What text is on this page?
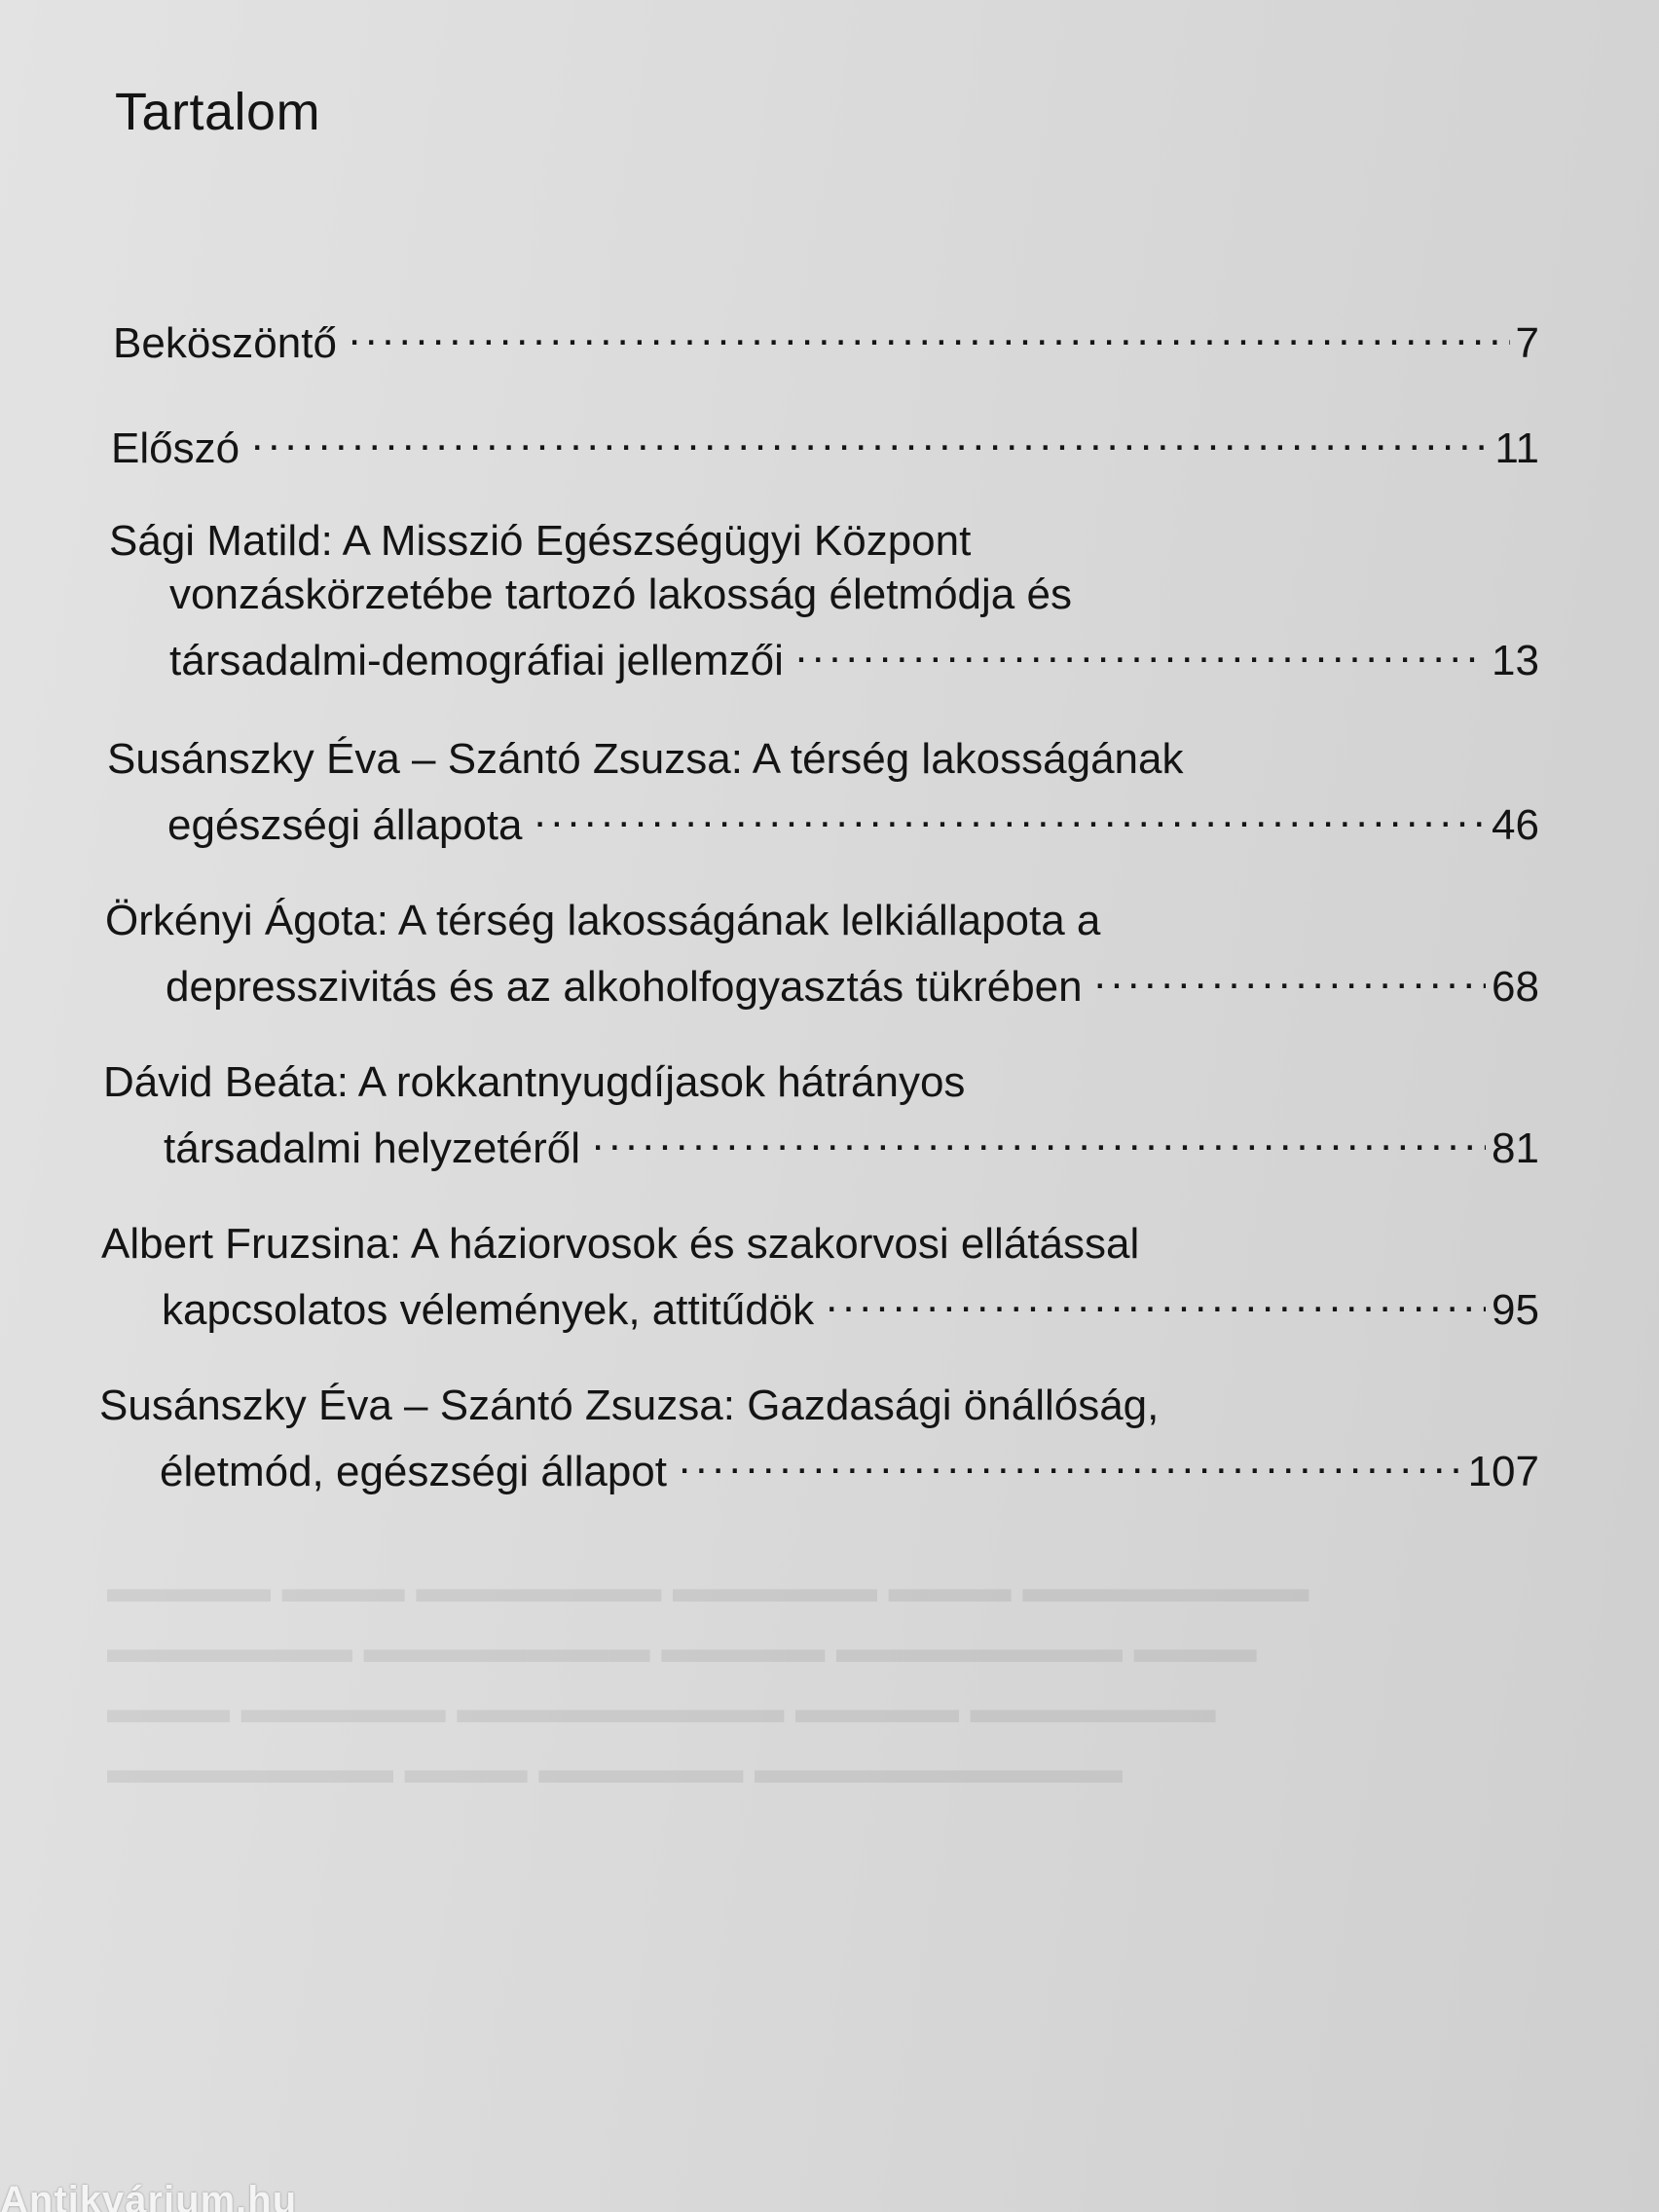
▬▬▬▬ ▬▬▬ ▬▬▬▬▬▬ ▬▬▬▬▬ ▬▬▬ ▬▬▬▬▬▬▬
▬▬▬▬▬▬ ▬▬▬▬▬▬▬ ▬▬▬▬ ▬▬▬▬▬▬▬ ▬▬▬
▬▬▬ ▬▬▬▬▬ ▬▬▬▬▬▬▬▬ ▬▬▬▬ ▬▬▬▬▬▬
▬▬▬▬▬▬▬ ▬▬▬ ▬▬▬▬▬ ▬▬▬▬▬▬▬▬▬
Tartalom
Beköszöntő .....	7
Előszó .....	11
Sági Matild: A Misszió Egészségügyi Központ
vonzáskörzetébe tartozó lakosság életmódja és
társadalmi-demográfiai jellemzői .....	13
Susánszky Éva – Szántó Zsuzsa: A térség lakosságának
egészségi állapota .....	46
Örkényi Ágota: A térség lakosságának lelkiállapota a
depresszivitás és az alkoholfogyasztás tükrében .....	68
Dávid Beáta: A rokkantnyugdíjasok hátrányos
társadalmi helyzetéről .....	81
Albert Fruzsina: A háziorvosok és szakorvosi ellátással
kapcsolatos vélemények, attitűdök .....	95
Susánszky Éva – Szántó Zsuzsa: Gazdasági önállóság,
életmód, egészségi állapot .....	107
Antikvárium.hu
